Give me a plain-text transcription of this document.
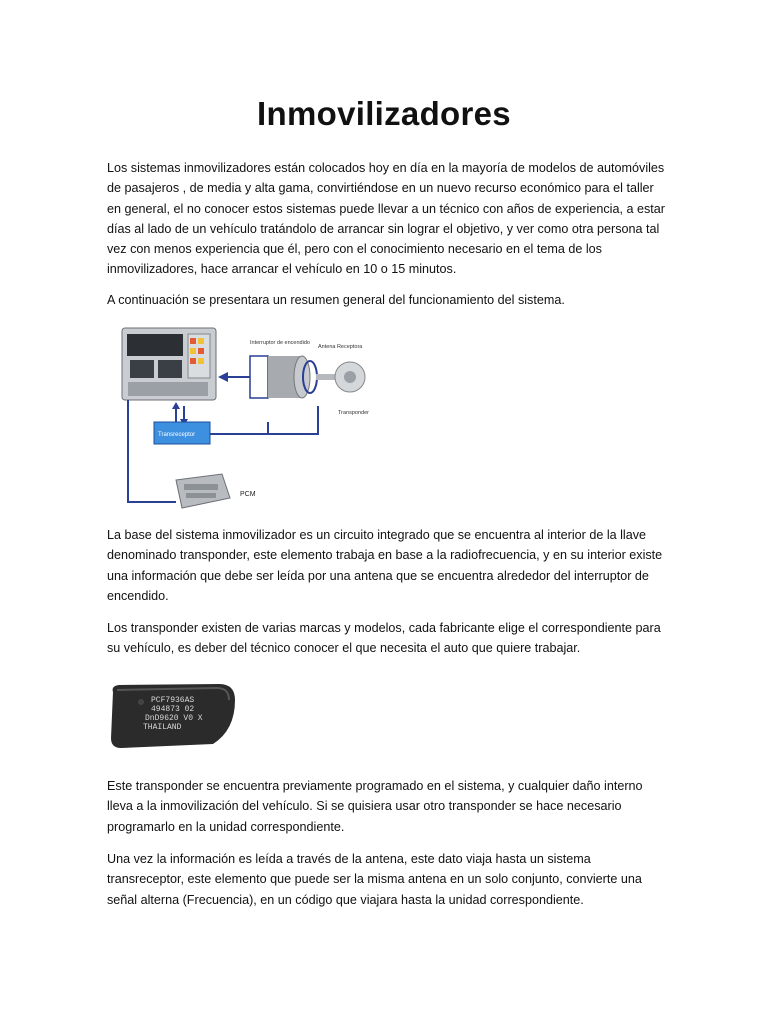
Inmovilizadores

Los sistemas inmovilizadores están colocados hoy en día en la mayoría de modelos de automóviles de pasajeros , de media y alta gama, convirtiéndose en un nuevo recurso económico para el taller en general, el no conocer estos sistemas puede llevar a un técnico con años de experiencia, a estar días al lado de un vehículo tratándolo de arrancar sin lograr el objetivo, y ver como otra persona tal vez con menos experiencia que él, pero con el conocimiento necesario en el tema de los inmovilizadores, hace arrancar el vehículo en 10 o 15 minutos.

A continuación se presentara un resumen general del funcionamiento del sistema.

Interruptor de encendido
Antena Receptora
Transponder
Transreceptor
PCM

La base del sistema inmovilizador es un circuito integrado que se encuentra al interior de la llave denominado transponder, este elemento trabaja en base a la radiofrecuencia, y en su interior existe una información que debe ser leída por una antena que se encuentra alrededor del interruptor de encendido.

Los transponder existen de varias marcas y modelos, cada fabricante elige el correspondiente para su vehículo, es deber del técnico conocer el que necesita el auto que quiere trabajar.

PCF7936AS
494873 02
DnD9620 V0 X
THAILAND

Este transponder se encuentra previamente programado en el sistema, y cualquier daño interno lleva a la inmovilización del vehículo. Si se quisiera usar otro transponder se hace necesario programarlo en la unidad correspondiente.

Una vez la información es leída a través de la antena, este dato viaja hasta un sistema transreceptor, este elemento que puede ser la misma antena en un solo conjunto, convierte una señal alterna (Frecuencia), en un código que viajara hasta la unidad correspondiente.
